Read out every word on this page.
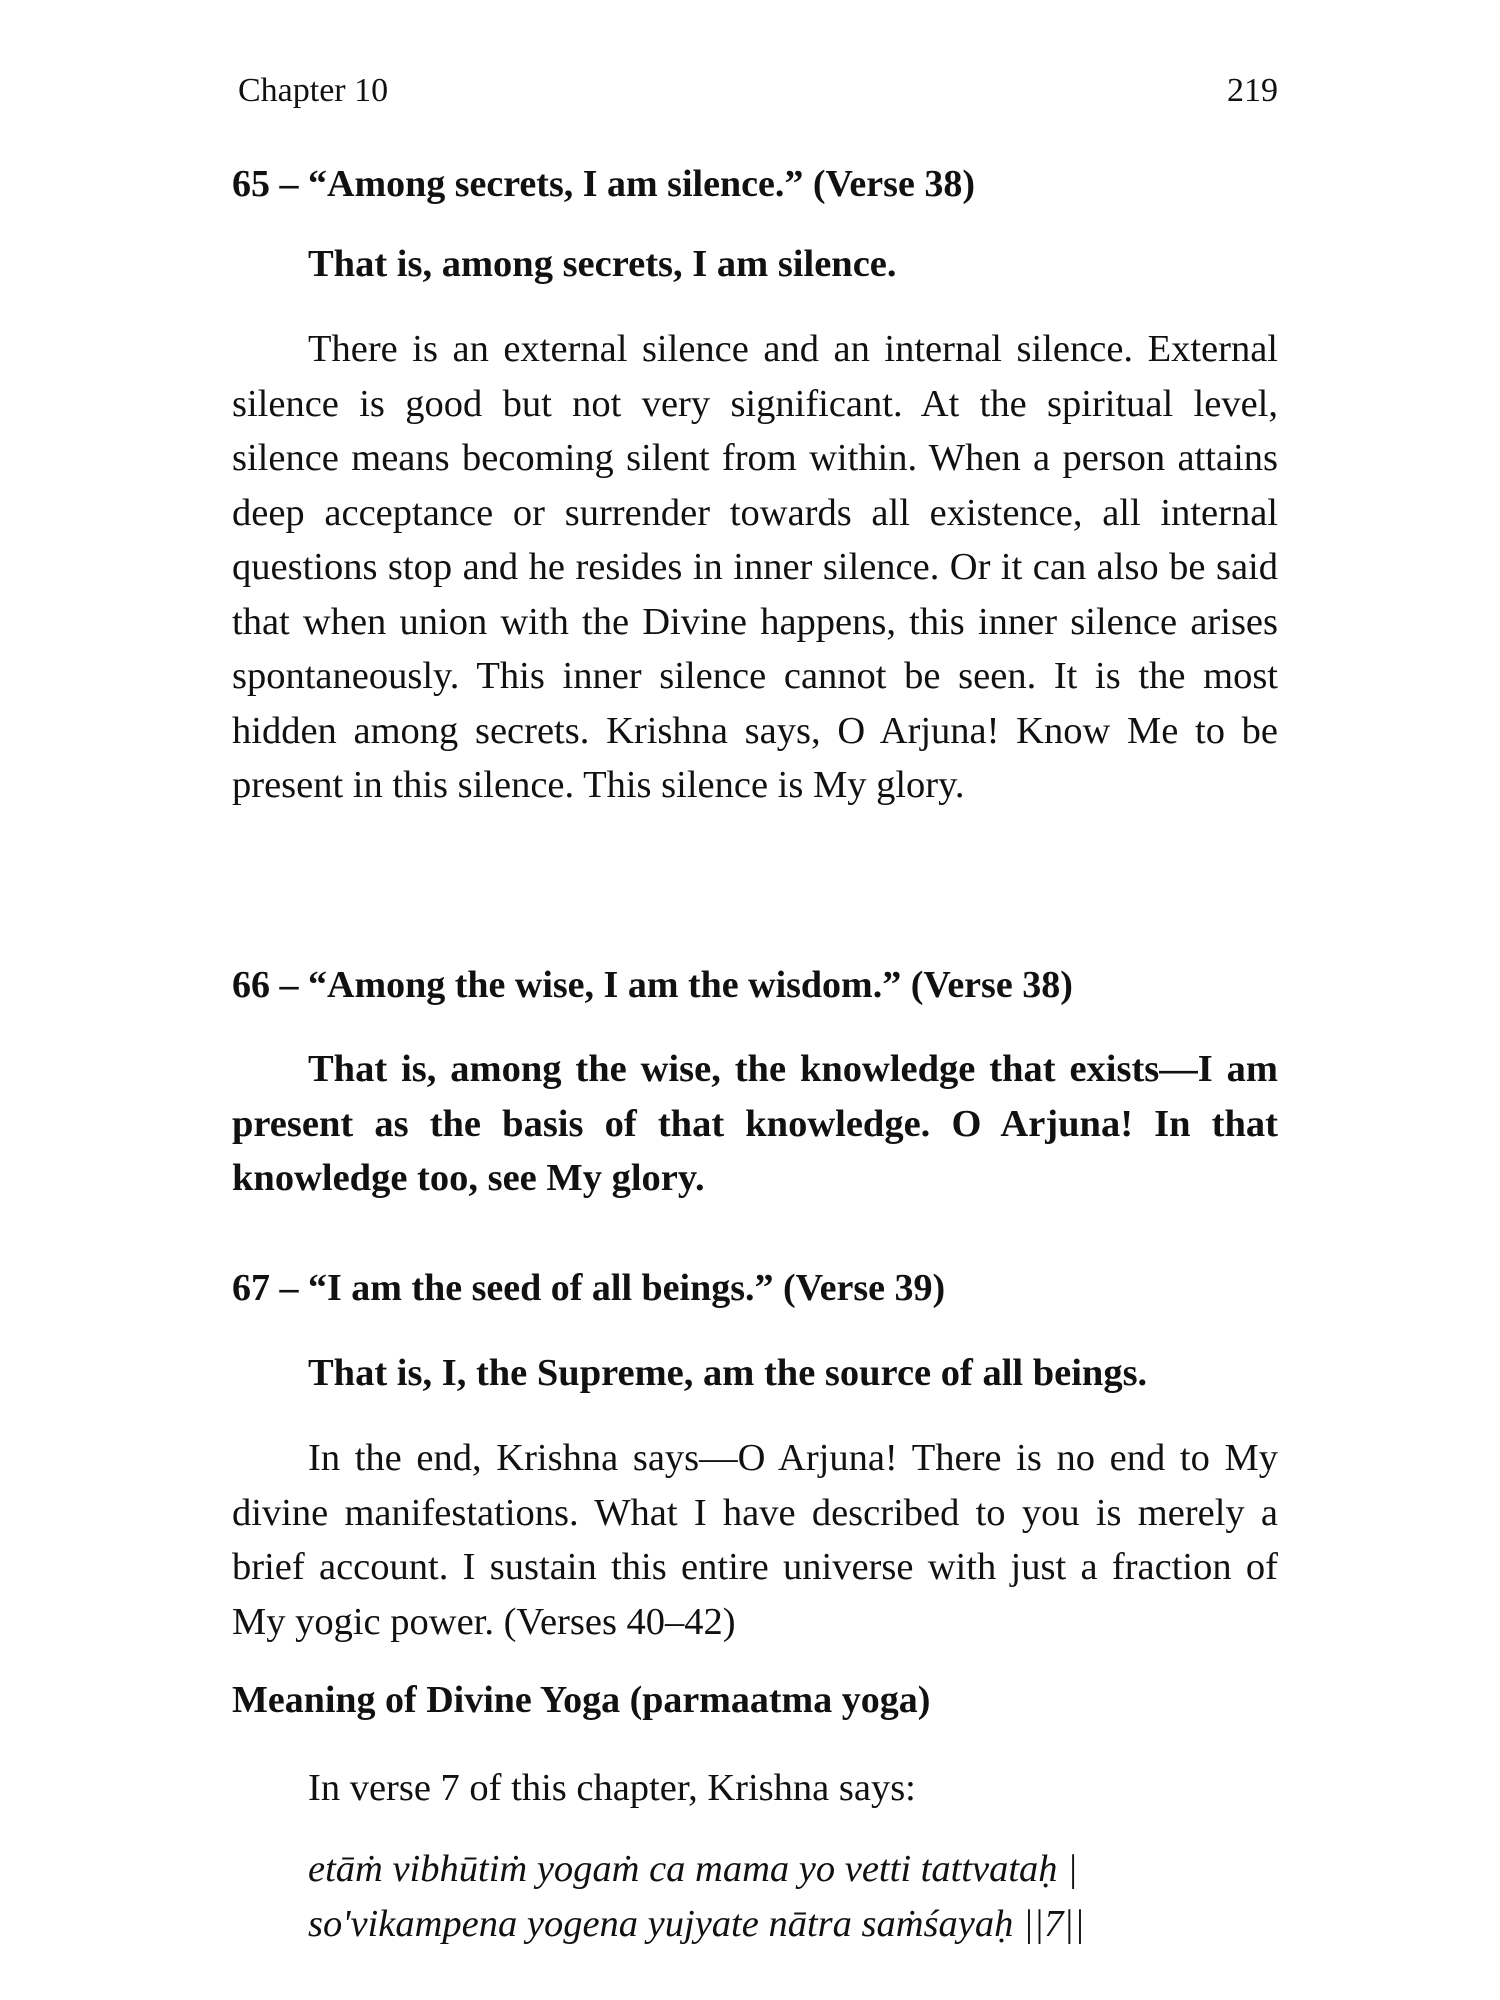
Chapter 10	219
65 – “Among secrets, I am silence.” (Verse 38)
That is, among secrets, I am silence.
There is an external silence and an internal silence. External silence is good but not very significant. At the spiritual level, silence means becoming silent from within. When a person attains deep acceptance or surrender towards all existence, all internal questions stop and he resides in inner silence. Or it can also be said that when union with the Divine happens, this inner silence arises spontaneously. This inner silence cannot be seen. It is the most hidden among secrets. Krishna says, O Arjuna! Know Me to be present in this silence. This silence is My glory.
66 – “Among the wise, I am the wisdom.” (Verse 38)
That is, among the wise, the knowledge that exists—I am present as the basis of that knowledge. O Arjuna! In that knowledge too, see My glory.
67 – “I am the seed of all beings.” (Verse 39)
That is, I, the Supreme, am the source of all beings.
In the end, Krishna says—O Arjuna! There is no end to My divine manifestations. What I have described to you is merely a brief account. I sustain this entire universe with just a fraction of My yogic power. (Verses 40–42)
Meaning of Divine Yoga (parmaatma yoga)
In verse 7 of this chapter, Krishna says:
etāṁ vibhūtiṁ yogaṁ ca mama yo vetti tattvataḥ |
so'vikampena yogena yujyate nātra saṁśayaḥ ||7||
